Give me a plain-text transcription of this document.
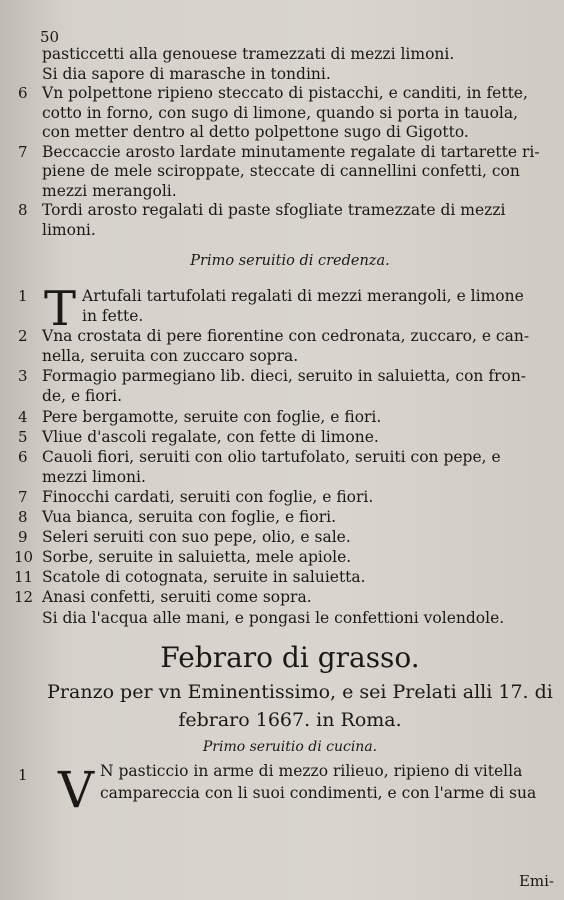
50
pasticcetti alla genouese tramezzati di mezzi limoni.
Si dia sapore di marasche in tondini.
6 Vn polpettone ripieno steccato di pistacchi, e canditi, in fette,
cotto in forno, con sugo di limone, quando si porta in tauola,
con metter dentro al detto polpettone sugo di Gigotto.
7 Beccaccie arosto lardate minutamente regalate di tartarette ri-
piene de mele sciroppate, steccate di cannellini confetti, con
mezzi merangoli.
8 Tordi arosto regalati di paste sfogliate tramezzate di mezzi
limoni.
Primo seruitio di credenza.
1 T Artufali tartufolati regalati di mezzi merangoli, e limone
in fette.
2 Vna crostata di pere fiorentine con cedronata, zuccaro, e can-
nella, seruita con zuccaro sopra.
3 Formagio parmegiano lib. dieci, seruito in saluietta, con fron-
de, e fiori.
4 Pere bergamotte, seruite con foglie, e fiori.
5 Vliue d'ascoli regalate, con fette di limone.
6 Cauoli fiori, seruiti con olio tartufolato, seruiti con pepe, e
mezzi limoni.
7 Finocchi cardati, seruiti con foglie, e fiori.
8 Vua bianca, seruita con foglie, e fiori.
9 Seleri seruiti con suo pepe, olio, e sale.
10 Sorbe, seruite in saluietta, mele apiole.
11 Scatole di cotognata, seruite in saluietta.
12 Anasi confetti, seruiti come sopra.
Si dia l'acqua alle mani, e pongasi le confettioni volendole.
Febraro di grasso.
Pranzo per vn Eminentissimo, e sei Prelati alli 17. di
febraro 1667. in Roma.
Primo seruitio di cucina.
1 V N pasticcio in arme di mezzo rilieuo, ripieno di vitella
campareccia con li suoi condimenti, e con l'arme di sua
Emi-
